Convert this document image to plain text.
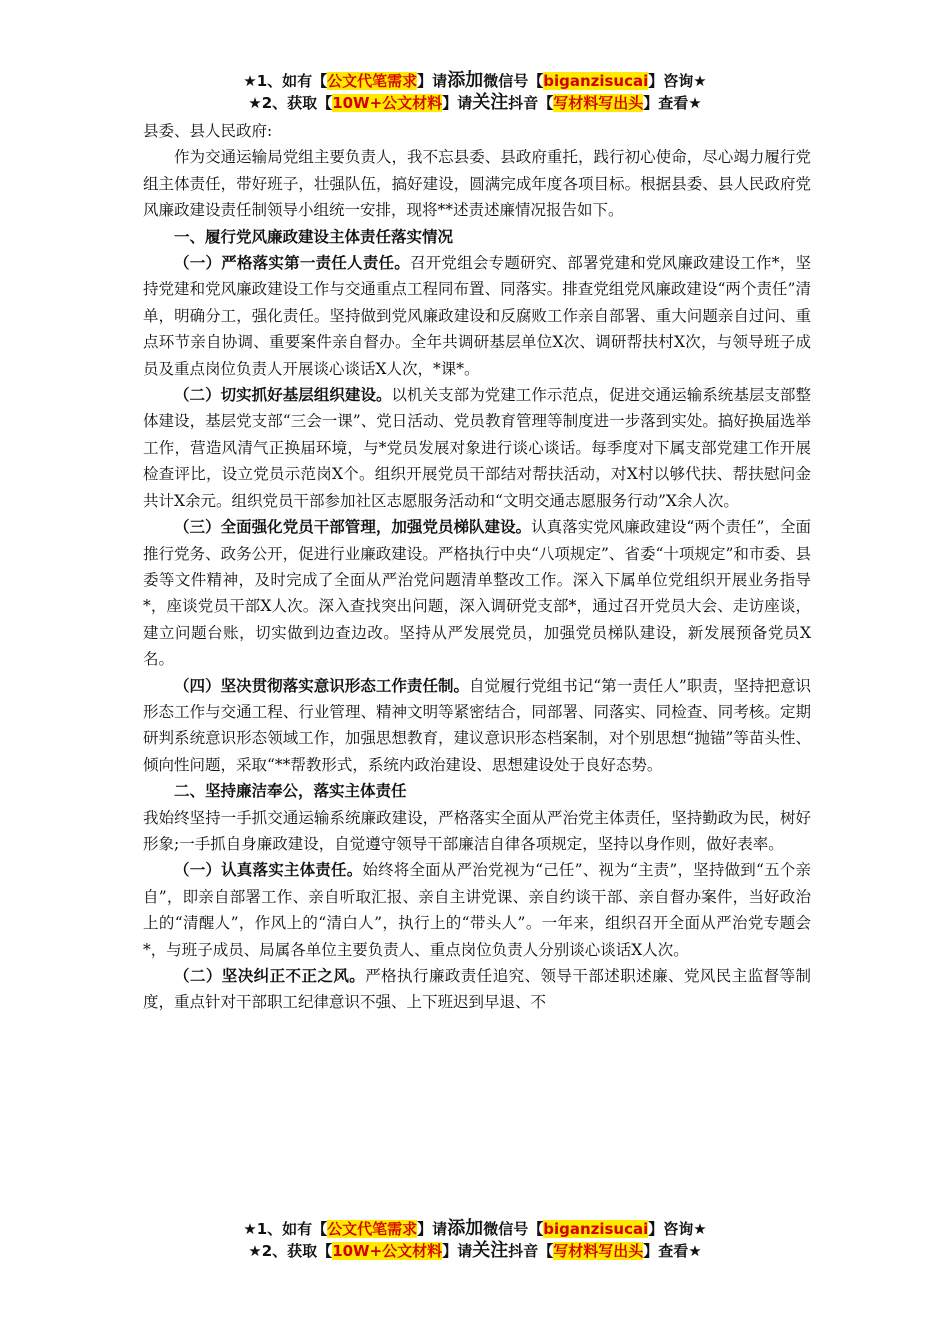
★1、如有【公文代笔需求】请添加微信号【biganzisucai】咨询★
★2、获取【10W+公文材料】请关注抖音【写材料写出头】查看★

县委、县人民政府:

作为交通运输局党组主要负责人，我不忘县委、县政府重托，践行初心使命，尽心竭力履行党组主体责任，带好班子，壮强队伍，搞好建设，圆满完成年度各项目标。根据县委、县人民政府党风廉政建设责任制领导小组统一安排，现将**述责述廉情况报告如下。

一、履行党风廉政建设主体责任落实情况

（一）严格落实第一责任人责任。召开党组会专题研究、部署党建和党风廉政建设工作*，坚持党建和党风廉政建设工作与交通重点工程同布置、同落实。排查党组党风廉政建设“两个责任”清单，明确分工，强化责任。坚持做到党风廉政建设和反腐败工作亲自部署、重大问题亲自过问、重点环节亲自协调、重要案件亲自督办。全年共调研基层单位X次、调研帮扶村X次，与领导班子成员及重点岗位负责人开展谈心谈话X人次，*课*。

（二）切实抓好基层组织建设。以机关支部为党建工作示范点，促进交通运输系统基层支部整体建设，基层党支部“三会一课”、党日活动、党员教育管理等制度进一步落到实处。搞好换届选举工作，营造风清气正换届环境，与*党员发展对象进行谈心谈话。每季度对下属支部党建工作开展检查评比，设立党员示范岗X个。组织开展党员干部结对帮扶活动，对X村以够代扶、帮扶慰问金共计X余元。组织党员干部参加社区志愿服务活动和“文明交通志愿服务行动”X余人次。

（三）全面强化党员干部管理，加强党员梯队建设。认真落实党风廉政建设“两个责任”，全面推行党务、政务公开，促进行业廉政建设。严格执行中央“八项规定”、省委“十项规定”和市委、县委等文件精神，及时完成了全面从严治党问题清单整改工作。深入下属单位党组织开展业务指导*，座谈党员干部X人次。深入查找突出问题，深入调研党支部*，通过召开党员大会、走访座谈，建立问题台账，切实做到边查边改。坚持从严发展党员，加强党员梯队建设，新发展预备党员X名。

（四）坚决贯彻落实意识形态工作责任制。自觉履行党组书记“第一责任人”职责，坚持把意识形态工作与交通工程、行业管理、精神文明等紧密结合，同部署、同落实、同检查、同考核。定期研判系统意识形态领域工作，加强思想教育，建议意识形态档案制，对个别思想“抛锚”等苗头性、倾向性问题，采取“**帮教形式，系统内政治建设、思想建设处于良好态势。

二、坚持廉洁奉公，落实主体责任

我始终坚持一手抓交通运输系统廉政建设，严格落实全面从严治党主体责任，坚持勤政为民，树好形象;一手抓自身廉政建设，自觉遵守领导干部廉洁自律各项规定，坚持以身作则，做好表率。

（一）认真落实主体责任。始终将全面从严治党视为“己任”、视为“主责”，坚持做到“五个亲自”，即亲自部署工作、亲自听取汇报、亲自主讲党课、亲自约谈干部、亲自督办案件，当好政治上的“清醒人”，作风上的“清白人”，执行上的“带头人”。一年来，组织召开全面从严治党专题会*，与班子成员、局属各单位主要负责人、重点岗位负责人分别谈心谈话X人次。

（二）坚决纠正不正之风。严格执行廉政责任追究、领导干部述职述廉、党风民主监督等制度，重点针对干部职工纪律意识不强、上下班迟到早退、不

★1、如有【公文代笔需求】请添加微信号【biganzisucai】咨询★
★2、获取【10W+公文材料】请关注抖音【写材料写出头】查看★
